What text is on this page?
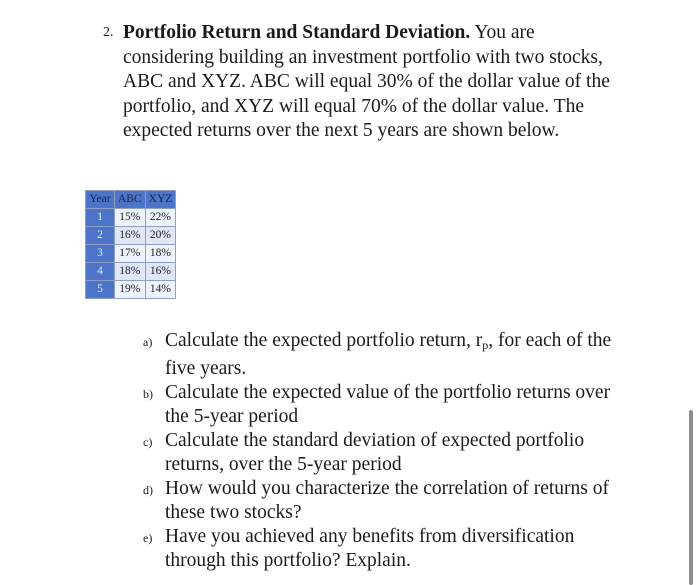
2. Portfolio Return and Standard Deviation. You are considering building an investment portfolio with two stocks, ABC and XYZ. ABC will equal 30% of the dollar value of the portfolio, and XYZ will equal 70% of the dollar value. The expected returns over the next 5 years are shown below.
Year	ABC	XYZ
1	15%	22%
2	16%	20%
3	17%	18%
4	18%	16%
5	19%	14%
a) Calculate the expected portfolio return, $r_p$, for each of the five years.
b) Calculate the expected value of the portfolio returns over the 5-year period
c) Calculate the standard deviation of expected portfolio returns, over the 5-year period
d) How would you characterize the correlation of returns of these two stocks?
e) Have you achieved any benefits from diversification through this portfolio? Explain.
